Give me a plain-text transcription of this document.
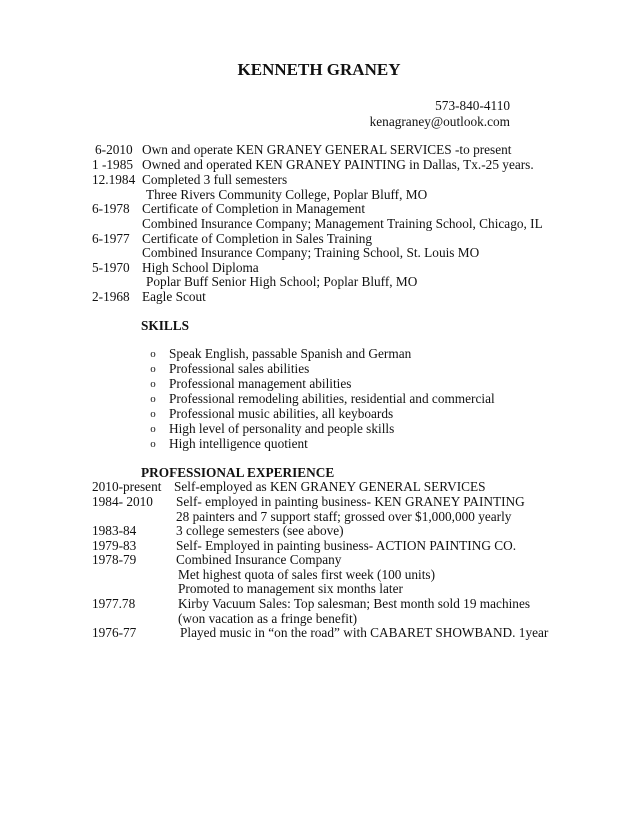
KENNETH GRANEY
573-840-4110
kenagraney@outlook.com
6-2010 Own and operate KEN GRANEY GENERAL SERVICES -to present
1 -1985 Owned and operated KEN GRANEY PAINTING in Dallas, Tx.-25 years.
12.1984 Completed 3 full semesters
Three Rivers Community College, Poplar Bluff, MO
6-1978 Certificate of Completion in Management
Combined Insurance Company; Management Training School, Chicago, IL
6-1977 Certificate of Completion in Sales Training
Combined Insurance Company; Training School, St. Louis MO
5-1970 High School Diploma
Poplar Buff Senior High School; Poplar Bluff, MO
2-1968 Eagle Scout
SKILLS
o Speak English, passable Spanish and German
o Professional sales abilities
o Professional management abilities
o Professional remodeling abilities, residential and commercial
o Professional music abilities, all keyboards
o High level of personality and people skills
o High intelligence quotient
PROFESSIONAL EXPERIENCE
2010-present Self-employed as KEN GRANEY GENERAL SERVICES
1984- 2010 Self- employed in painting business- KEN GRANEY PAINTING
28 painters and 7 support staff; grossed over $1,000,000 yearly
1983-84	3 college semesters (see above)
1979-83	Self- Employed in painting business- ACTION PAINTING CO.
1978-79	Combined Insurance Company
Met highest quota of sales first week (100 units)
Promoted to management six months later
1977.78	Kirby Vacuum Sales: Top salesman; Best month sold 19 machines
(won vacation as a fringe benefit)
1976-77	Played music in “on the road” with CABARET SHOWBAND. 1year
